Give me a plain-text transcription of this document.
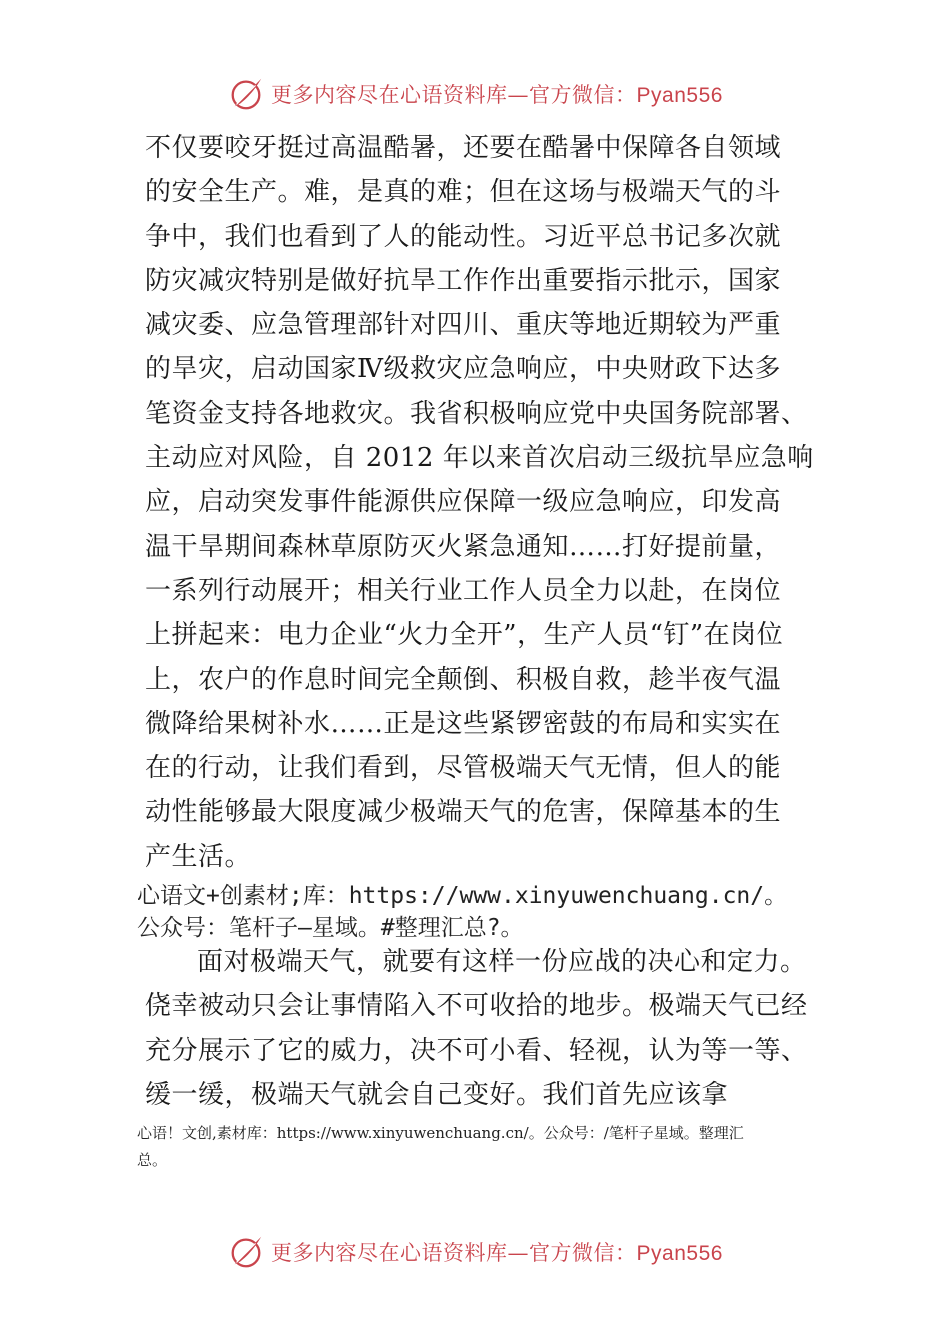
更多内容尽在心语资料库—官方微信：Pyan556

不仅要咬牙挺过高温酷暑，还要在酷暑中保障各自领域
的安全生产。难，是真的难；但在这场与极端天气的斗
争中，我们也看到了人的能动性。习近平总书记多次就
防灾减灾特别是做好抗旱工作作出重要指示批示，国家
减灾委、应急管理部针对四川、重庆等地近期较为严重
的旱灾，启动国家Ⅳ级救灾应急响应，中央财政下达多
笔资金支持各地救灾。我省积极响应党中央国务院部署、
主动应对风险，自 2012 年以来首次启动三级抗旱应急响
应，启动突发事件能源供应保障一级应急响应，印发高
温干旱期间森林草原防灭火紧急通知……打好提前量，
一系列行动展开；相关行业工作人员全力以赴，在岗位
上拼起来：电力企业“火力全开”，生产人员“钉”在岗位
上，农户的作息时间完全颠倒、积极自救，趁半夜气温
微降给果树补水……正是这些紧锣密鼓的布局和实实在
在的行动，让我们看到，尽管极端天气无情，但人的能
动性能够最大限度减少极端天气的危害，保障基本的生
产生活。

心语文+创素材;库：https://www.xinyuwenchuang.cn/。
公众号：笔杆子—星域。#整理汇总?。

面对极端天气，就要有这样一份应战的决心和定力。
侥幸被动只会让事情陷入不可收拾的地步。极端天气已经
充分展示了它的威力，决不可小看、轻视，认为等一等、
缓一缓，极端天气就会自己变好。我们首先应该拿

心语！文创,素材库：https://www.xinyuwenchuang.cn/。公众号：/笔杆子星域。整理汇
总。
更多内容尽在心语资料库—官方微信：Pyan556
